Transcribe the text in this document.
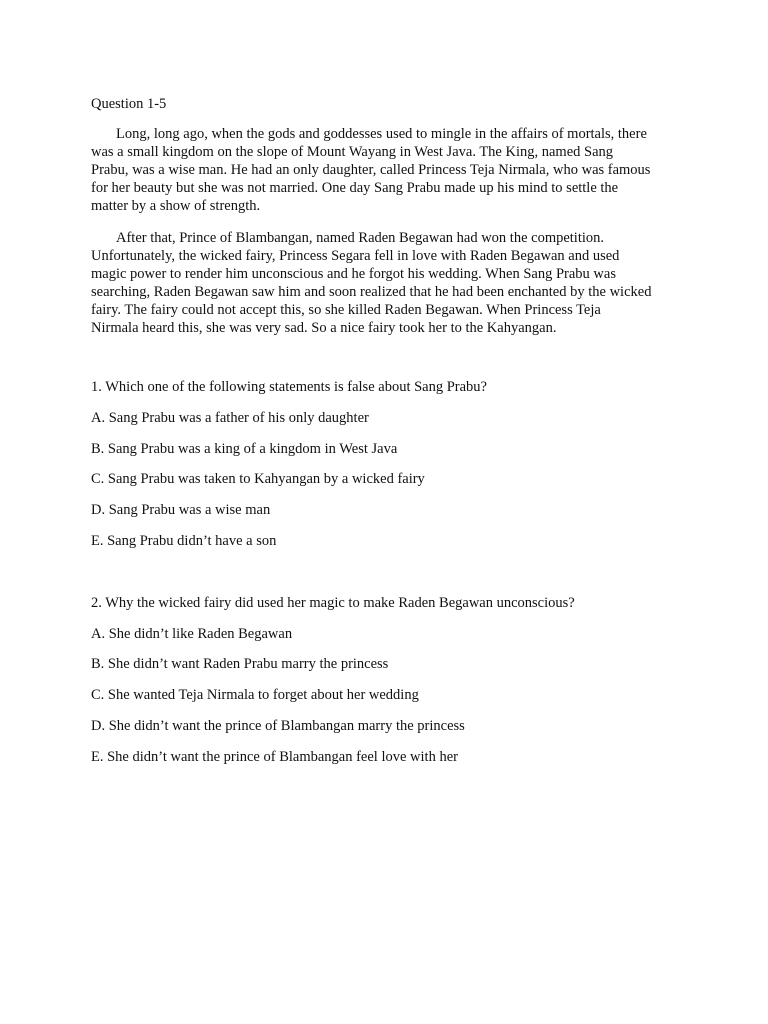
Question 1-5
Long, long ago, when the gods and goddesses used to mingle in the affairs of mortals, there
was a small kingdom on the slope of Mount Wayang in West Java. The King, named Sang
Prabu, was a wise man. He had an only daughter, called Princess Teja Nirmala, who was famous
for her beauty but she was not married. One day Sang Prabu made up his mind to settle the
matter by a show of strength.
After that, Prince of Blambangan, named Raden Begawan had won the competition.
Unfortunately, the wicked fairy, Princess Segara fell in love with Raden Begawan and used
magic power to render him unconscious and he forgot his wedding. When Sang Prabu was
searching, Raden Begawan saw him and soon realized that he had been enchanted by the wicked
fairy. The fairy could not accept this, so she killed Raden Begawan. When Princess Teja
Nirmala heard this, she was very sad. So a nice fairy took her to the Kahyangan.
1. Which one of the following statements is false about Sang Prabu?
A. Sang Prabu was a father of his only daughter
B. Sang Prabu was a king of a kingdom in West Java
C. Sang Prabu was taken to Kahyangan by a wicked fairy
D. Sang Prabu was a wise man
E. Sang Prabu didn’t have a son
2. Why the wicked fairy did used her magic to make Raden Begawan unconscious?
A. She didn’t like Raden Begawan
B. She didn’t want Raden Prabu marry the princess
C. She wanted Teja Nirmala to forget about her wedding
D. She didn’t want the prince of Blambangan marry the princess
E. She didn’t want the prince of Blambangan feel love with her
